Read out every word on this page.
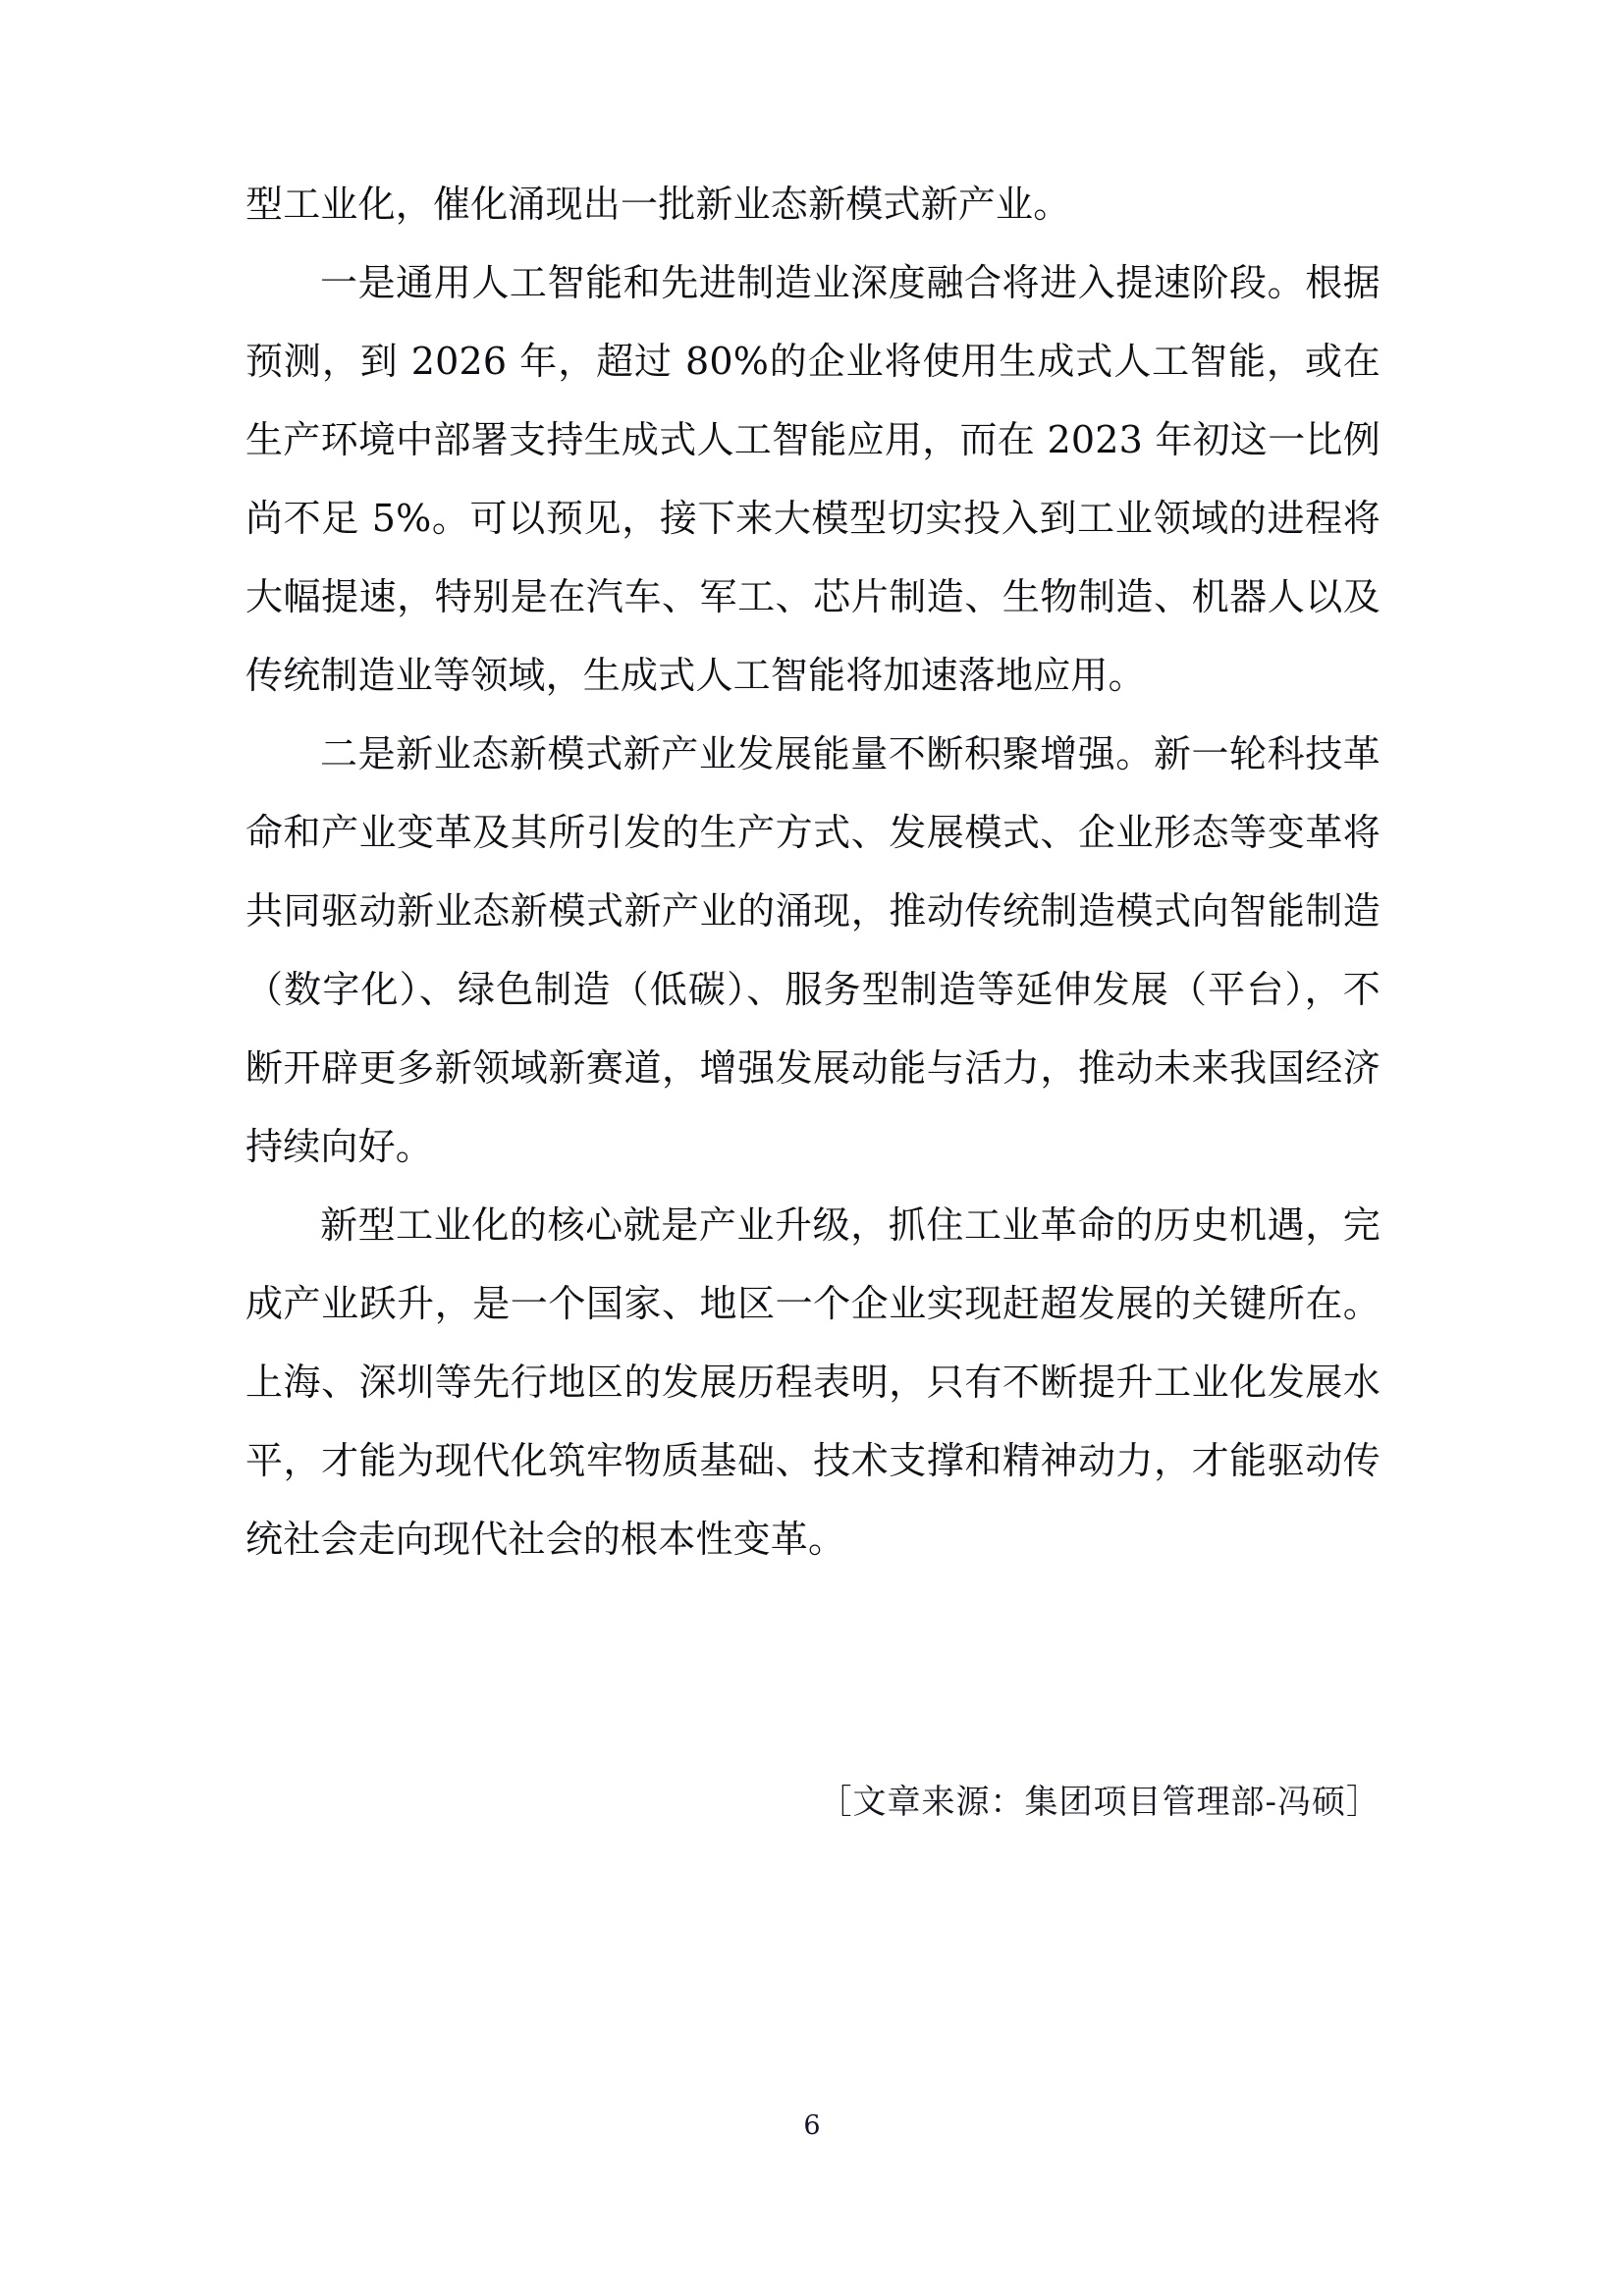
型工业化，催化涌现出一批新业态新模式新产业。

一是通用人工智能和先进制造业深度融合将进入提速阶段。根据预测，到 2026 年，超过 80%的企业将使用生成式人工智能，或在生产环境中部署支持生成式人工智能应用，而在 2023 年初这一比例尚不足 5%。可以预见，接下来大模型切实投入到工业领域的进程将大幅提速，特别是在汽车、军工、芯片制造、生物制造、机器人以及传统制造业等领域，生成式人工智能将加速落地应用。

二是新业态新模式新产业发展能量不断积聚增强。新一轮科技革命和产业变革及其所引发的生产方式、发展模式、企业形态等变革将共同驱动新业态新模式新产业的涌现，推动传统制造模式向智能制造（数字化）、绿色制造（低碳）、服务型制造等延伸发展（平台），不断开辟更多新领域新赛道，增强发展动能与活力，推动未来我国经济持续向好。

新型工业化的核心就是产业升级，抓住工业革命的历史机遇，完成产业跃升，是一个国家、地区一个企业实现赶超发展的关键所在。上海、深圳等先行地区的发展历程表明，只有不断提升工业化发展水平，才能为现代化筑牢物质基础、技术支撑和精神动力，才能驱动传统社会走向现代社会的根本性变革。

［文章来源：集团项目管理部-冯硕］
6
